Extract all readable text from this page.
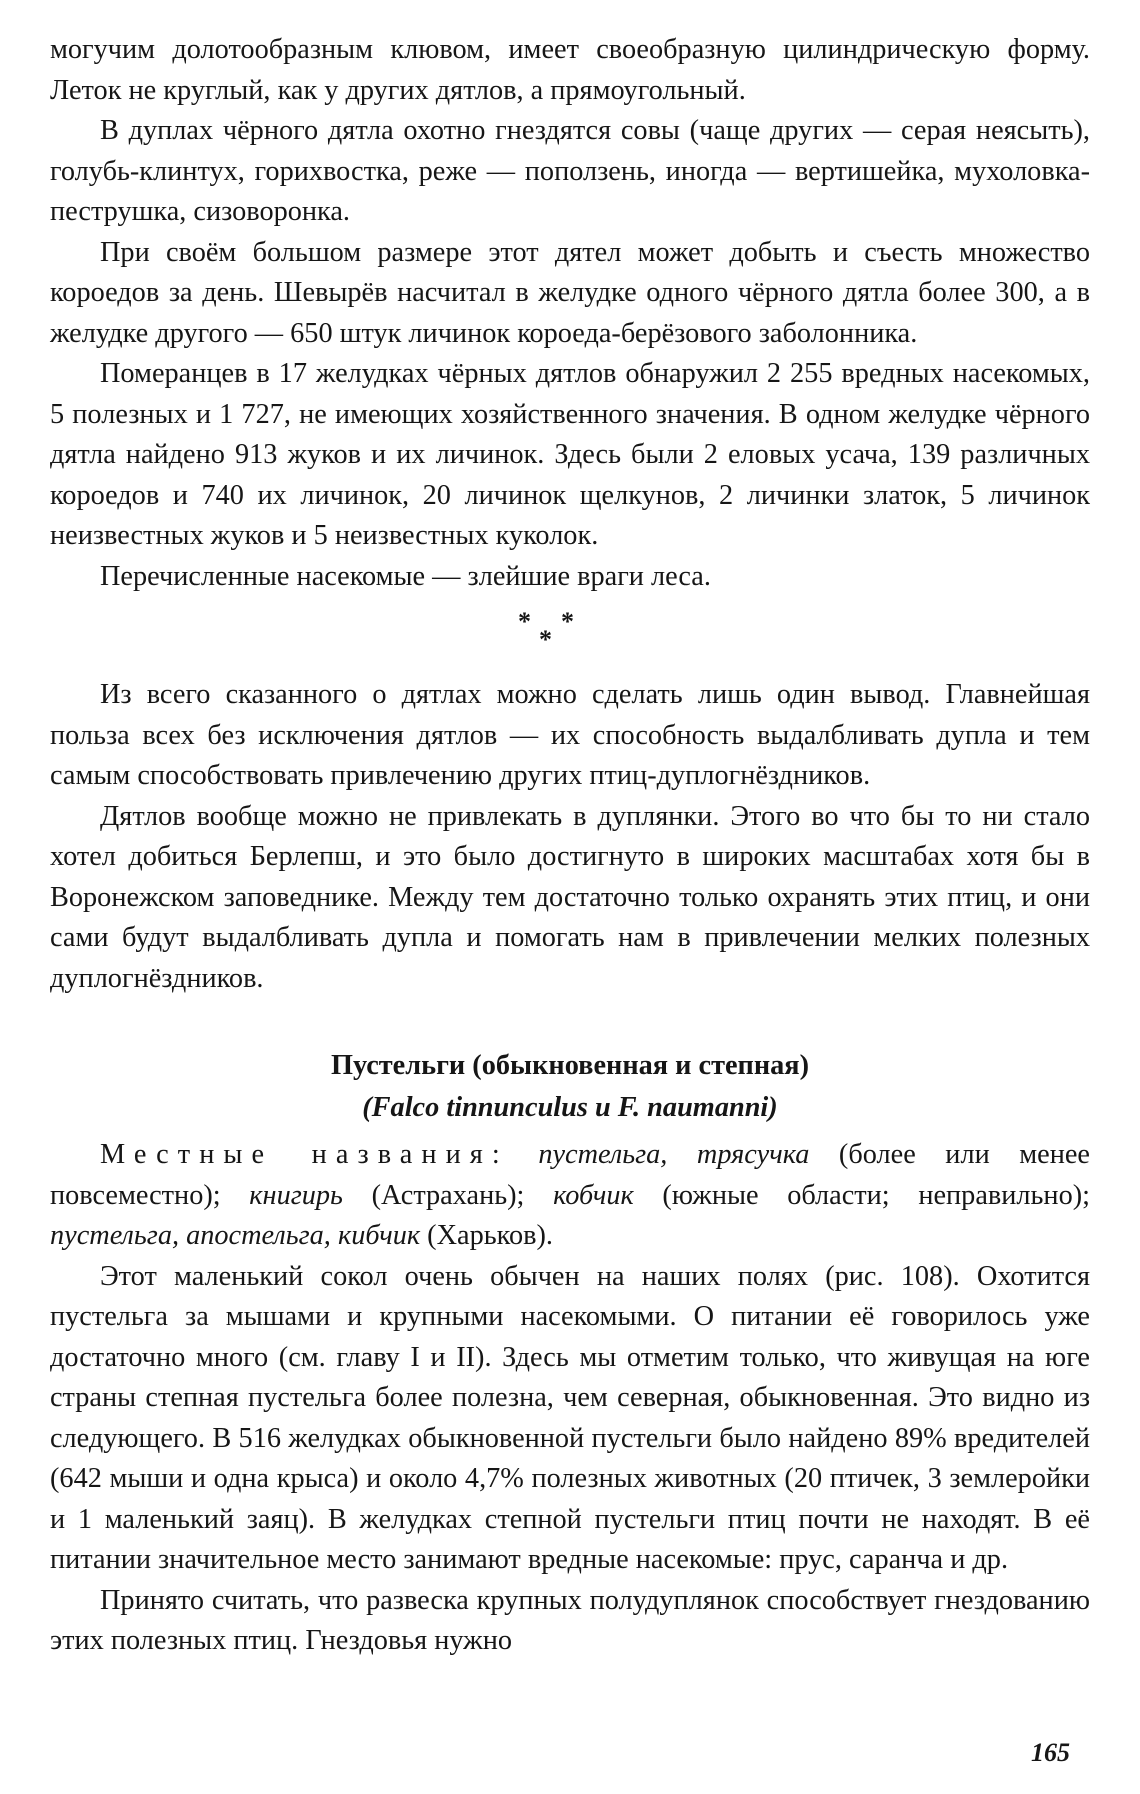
могучим долотообразным клювом, имеет своеобразную цилиндрическую форму. Леток не круглый, как у других дятлов, а прямоугольный.

В дуплах чёрного дятла охотно гнездятся совы (чаще других — серая неясыть), голубь-клинтух, горихвостка, реже — поползень, иногда — вертишейка, мухоловка-пеструшка, сизоворонка.

При своём большом размере этот дятел может добыть и съесть множество короедов за день. Шевырёв насчитал в желудке одного чёрного дятла более 300, а в желудке другого — 650 штук личинок короеда-берёзового заболонника.

Померанцев в 17 желудках чёрных дятлов обнаружил 2 255 вредных насекомых, 5 полезных и 1 727, не имеющих хозяйственного значения. В одном желудке чёрного дятла найдено 913 жуков и их личинок. Здесь были 2 еловых усача, 139 различных короедов и 740 их личинок, 20 личинок щелкунов, 2 личинки златок, 5 личинок неизвестных жуков и 5 неизвестных куколок.

Перечисленные насекомые — злейшие враги леса.

*
*
*

Из всего сказанного о дятлах можно сделать лишь один вывод. Главнейшая польза всех без исключения дятлов — их способность выдалбливать дупла и тем самым способствовать привлечению других птиц-дуплогнёздников.

Дятлов вообще можно не привлекать в дуплянки. Этого во что бы то ни стало хотел добиться Берлепш, и это было достигнуто в широких масштабах хотя бы в Воронежском заповеднике. Между тем достаточно только охранять этих птиц, и они сами будут выдалбливать дупла и помогать нам в привлечении мелких полезных дуплогнёздников.

Пустельги (обыкновенная и степная)
(Falco tinnunculus и F. naumanni)

Местные названия: пустельга, трясучка (более или менее повсеместно); книгирь (Астрахань); кобчик (южные области; неправильно); пустельга, апостельга, кибчик (Харьков).

Этот маленький сокол очень обычен на наших полях (рис. 108). Охотится пустельга за мышами и крупными насекомыми. О питании её говорилось уже достаточно много (см. главу I и II). Здесь мы отметим только, что живущая на юге страны степная пустельга более полезна, чем северная, обыкновенная. Это видно из следующего. В 516 желудках обыкновенной пустельги было найдено 89% вредителей (642 мыши и одна крыса) и около 4,7% полезных животных (20 птичек, 3 землеройки и 1 маленький заяц). В желудках степной пустельги птиц почти не находят. В её питании значительное место занимают вредные насекомые: прус, саранча и др.

Принято считать, что развеска крупных полудуплянок способствует гнездованию этих полезных птиц. Гнездовья нужно

165
